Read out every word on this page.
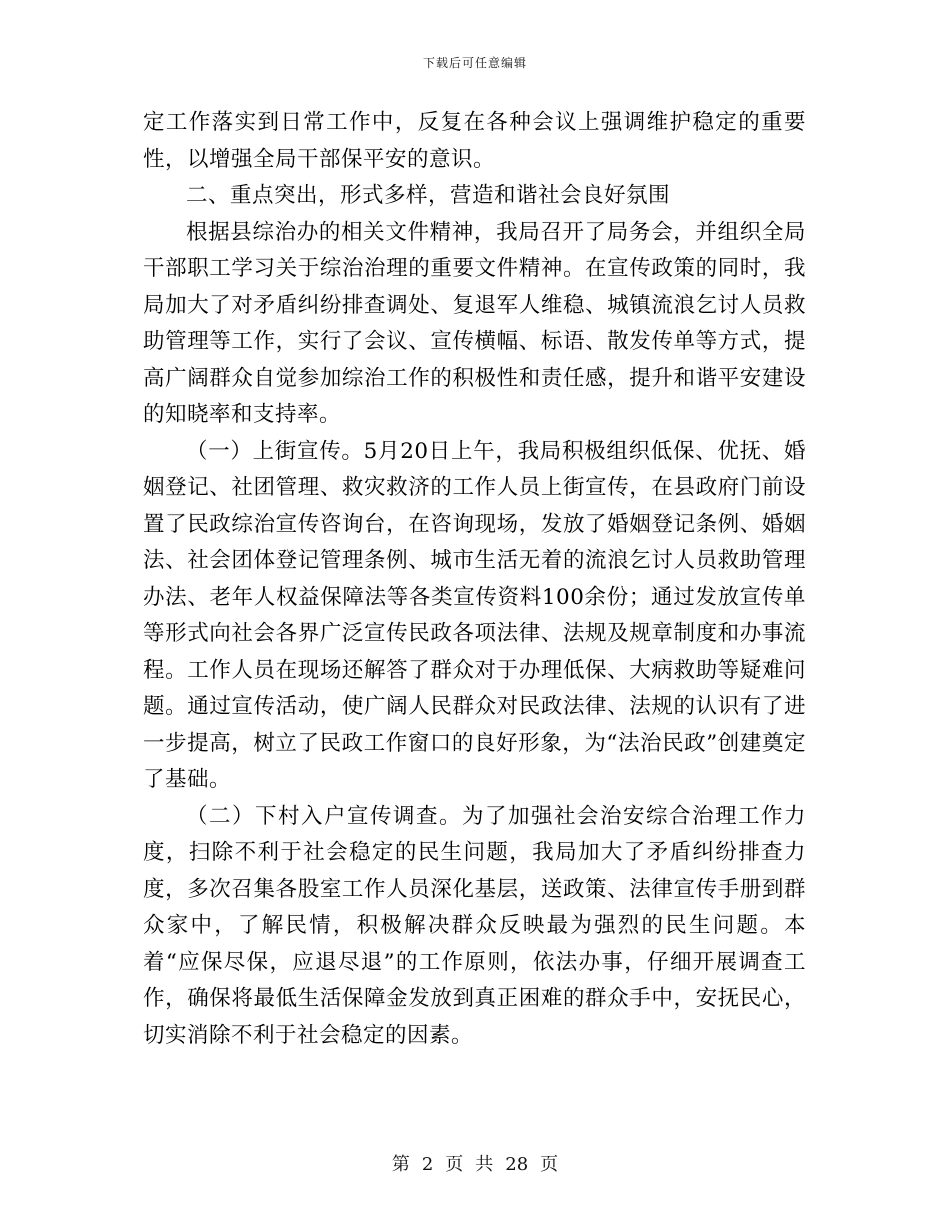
下载后可任意编辑

定工作落实到日常工作中，反复在各种会议上强调维护稳定的重要性，以增强全局干部保平安的意识。

二、重点突出，形式多样，营造和谐社会良好氛围

根据县综治办的相关文件精神，我局召开了局务会，并组织全局干部职工学习关于综治治理的重要文件精神。在宣传政策的同时，我局加大了对矛盾纠纷排查调处、复退军人维稳、城镇流浪乞讨人员救助管理等工作，实行了会议、宣传横幅、标语、散发传单等方式，提高广阔群众自觉参加综治工作的积极性和责任感，提升和谐平安建设的知晓率和支持率。

（一）上街宣传。5月20日上午，我局积极组织低保、优抚、婚姻登记、社团管理、救灾救济的工作人员上街宣传，在县政府门前设置了民政综治宣传咨询台，在咨询现场，发放了婚姻登记条例、婚姻法、社会团体登记管理条例、城市生活无着的流浪乞讨人员救助管理办法、老年人权益保障法等各类宣传资料100余份；通过发放宣传单等形式向社会各界广泛宣传民政各项法律、法规及规章制度和办事流程。工作人员在现场还解答了群众对于办理低保、大病救助等疑难问题。通过宣传活动，使广阔人民群众对民政法律、法规的认识有了进一步提高，树立了民政工作窗口的良好形象，为“法治民政”创建奠定了基础。

（二）下村入户宣传调查。为了加强社会治安综合治理工作力度，扫除不利于社会稳定的民生问题，我局加大了矛盾纠纷排查力度，多次召集各股室工作人员深化基层，送政策、法律宣传手册到群众家中，了解民情，积极解决群众反映最为强烈的民生问题。本着“应保尽保，应退尽退”的工作原则，依法办事，仔细开展调查工作，确保将最低生活保障金发放到真正困难的群众手中，安抚民心，切实消除不利于社会稳定的因素。

第 2 页 共 28 页
